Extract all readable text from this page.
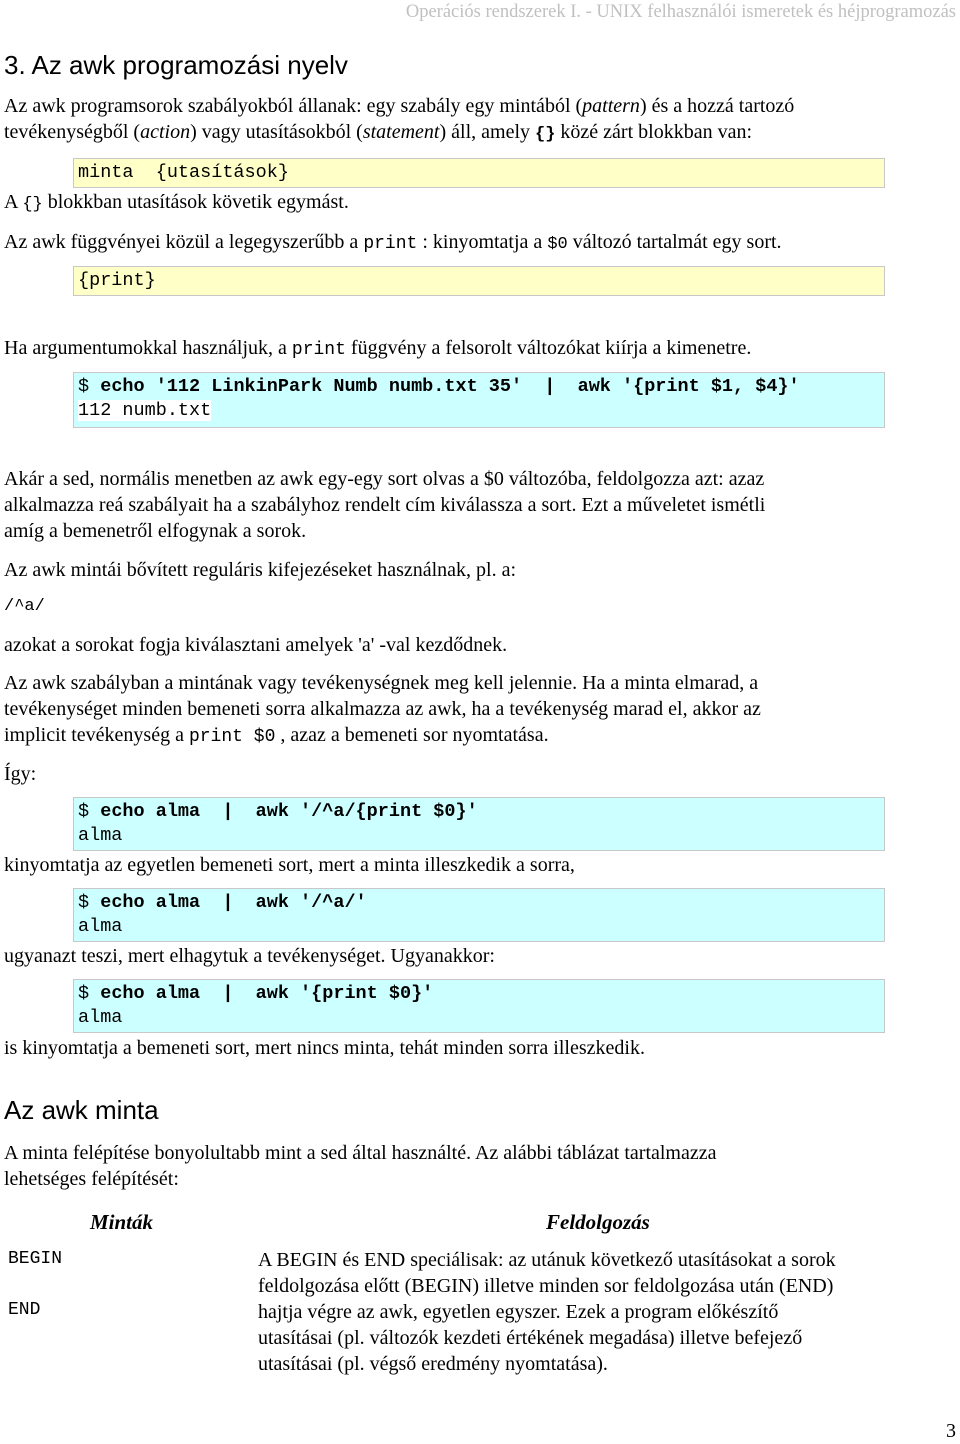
Operációs rendszerek I. - UNIX felhasználói ismeretek és héjprogramozás
3. Az awk programozási nyelv
Az awk programsorok szabályokból állanak: egy szabály egy mintából (pattern) és a hozzá tartozó
tevékenységből (action) vagy utasításokból (statement) áll, amely {} közé zárt blokkban van:
minta  {utasítások}
A {} blokkban utasítások követik egymást.
Az awk függvényei közül a legegyszerűbb a print : kinyomtatja a $0 változó tartalmát egy sort.
{print}
Ha argumentumokkal használjuk, a print függvény a felsorolt változókat kiírja a kimenetre.
$ echo '112 LinkinPark Numb numb.txt 35'  |  awk '{print $1, $4}'
112 numb.txt
Akár a sed, normális menetben az awk egy-egy sort olvas a $0 változóba, feldolgozza azt: azaz
alkalmazza reá szabályait ha a szabályhoz rendelt cím kiválassza a sort. Ezt a műveletet ismétli
amíg a bemenetről elfogynak a sorok.
Az awk mintái bővített reguláris kifejezéseket használnak, pl. a:
/^a/
azokat a sorokat fogja kiválasztani amelyek 'a' -val kezdődnek.
Az awk szabályban a mintának vagy tevékenységnek meg kell jelennie. Ha a minta elmarad, a
tevékenységet minden bemeneti sorra alkalmazza az awk, ha a tevékenység marad el, akkor az
implicit tevékenység a print $0 , azaz a bemeneti sor nyomtatása.
Így:
$ echo alma  |  awk '/^a/{print $0}'
alma
kinyomtatja az egyetlen bemeneti sort, mert a minta illeszkedik a sorra,
$ echo alma  |  awk '/^a/'
alma
ugyanazt teszi, mert elhagytuk a tevékenységet. Ugyanakkor:
$ echo alma  |  awk '{print $0}'
alma
is kinyomtatja a bemeneti sort, mert nincs minta, tehát minden sorra illeszkedik.
Az awk minta
A minta felépítése bonyolultabb mint a sed által használté. Az alábbi táblázat tartalmazza
lehetséges felépítését:
Minták	Feldolgozás
BEGIN
END
A BEGIN és END speciálisak: az utánuk következő utasításokat a sorok
feldolgozása előtt (BEGIN) illetve minden sor feldolgozása után (END)
hajtja végre az awk, egyetlen egyszer. Ezek a program előkészítő
utasításai (pl. változók kezdeti értékének megadása) illetve befejező
utasításai (pl. végső eredmény nyomtatása).
3
